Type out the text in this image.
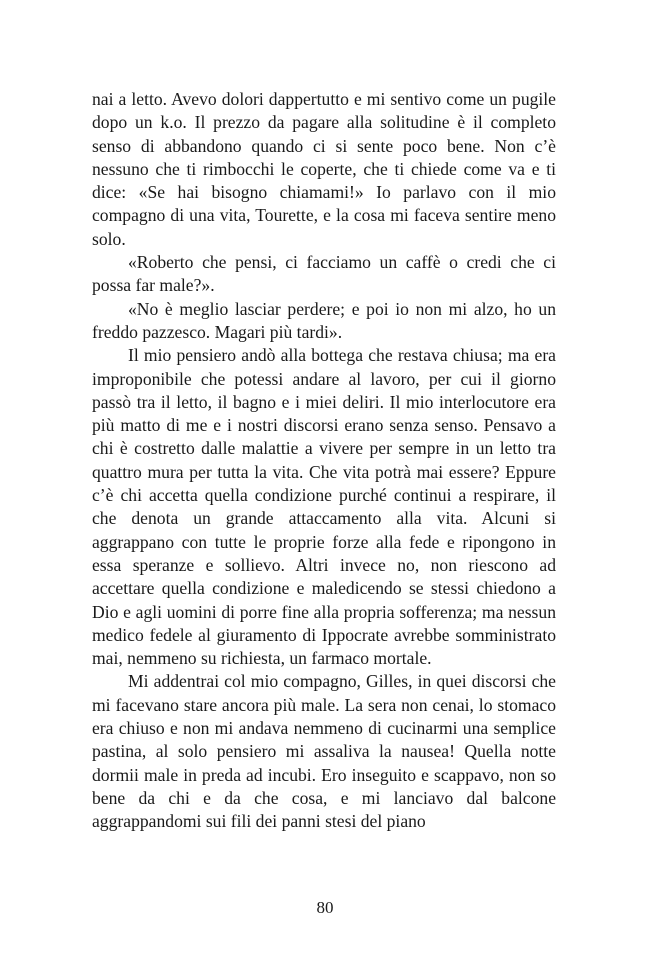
nai a letto. Avevo dolori dappertutto e mi sentivo come un pugile dopo un k.o. Il prezzo da pagare alla solitudine è il completo senso di abbandono quando ci si sente poco bene. Non c’è nessuno che ti rimbocchi le coperte, che ti chiede come va e ti dice: «Se hai bisogno chiamami!» Io parlavo con il mio compagno di una vita, Tourette, e la cosa mi faceva sentire meno solo.

«Roberto che pensi, ci facciamo un caffè o credi che ci possa far male?».

«No è meglio lasciar perdere; e poi io non mi alzo, ho un freddo pazzesco. Magari più tardi».

Il mio pensiero andò alla bottega che restava chiusa; ma era improponibile che potessi andare al lavoro, per cui il giorno passò tra il letto, il bagno e i miei deliri. Il mio interlocutore era più matto di me e i nostri discorsi erano senza senso. Pensavo a chi è costretto dalle malattie a vivere per sempre in un letto tra quattro mura per tutta la vita. Che vita potrà mai essere? Eppure c’è chi accetta quella condizione purché continui a respirare, il che denota un grande attaccamento alla vita. Alcuni si aggrappano con tutte le proprie forze alla fede e ripongono in essa speranze e sollievo. Altri invece no, non riescono ad accettare quella condizione e maledicendo se stessi chiedono a Dio e agli uomini di porre fine alla propria sofferenza; ma nessun medico fedele al giuramento di Ippocrate avrebbe somministrato mai, nemmeno su richiesta, un farmaco mortale.

Mi addentrai col mio compagno, Gilles, in quei discorsi che mi facevano stare ancora più male. La sera non cenai, lo stomaco era chiuso e non mi andava nemmeno di cucinarmi una semplice pastina, al solo pensiero mi assaliva la nausea! Quella notte dormii male in preda ad incubi. Ero inseguito e scappavo, non so bene da chi e da che cosa, e mi lanciavo dal balcone aggrappandomi sui fili dei panni stesi del piano

80
